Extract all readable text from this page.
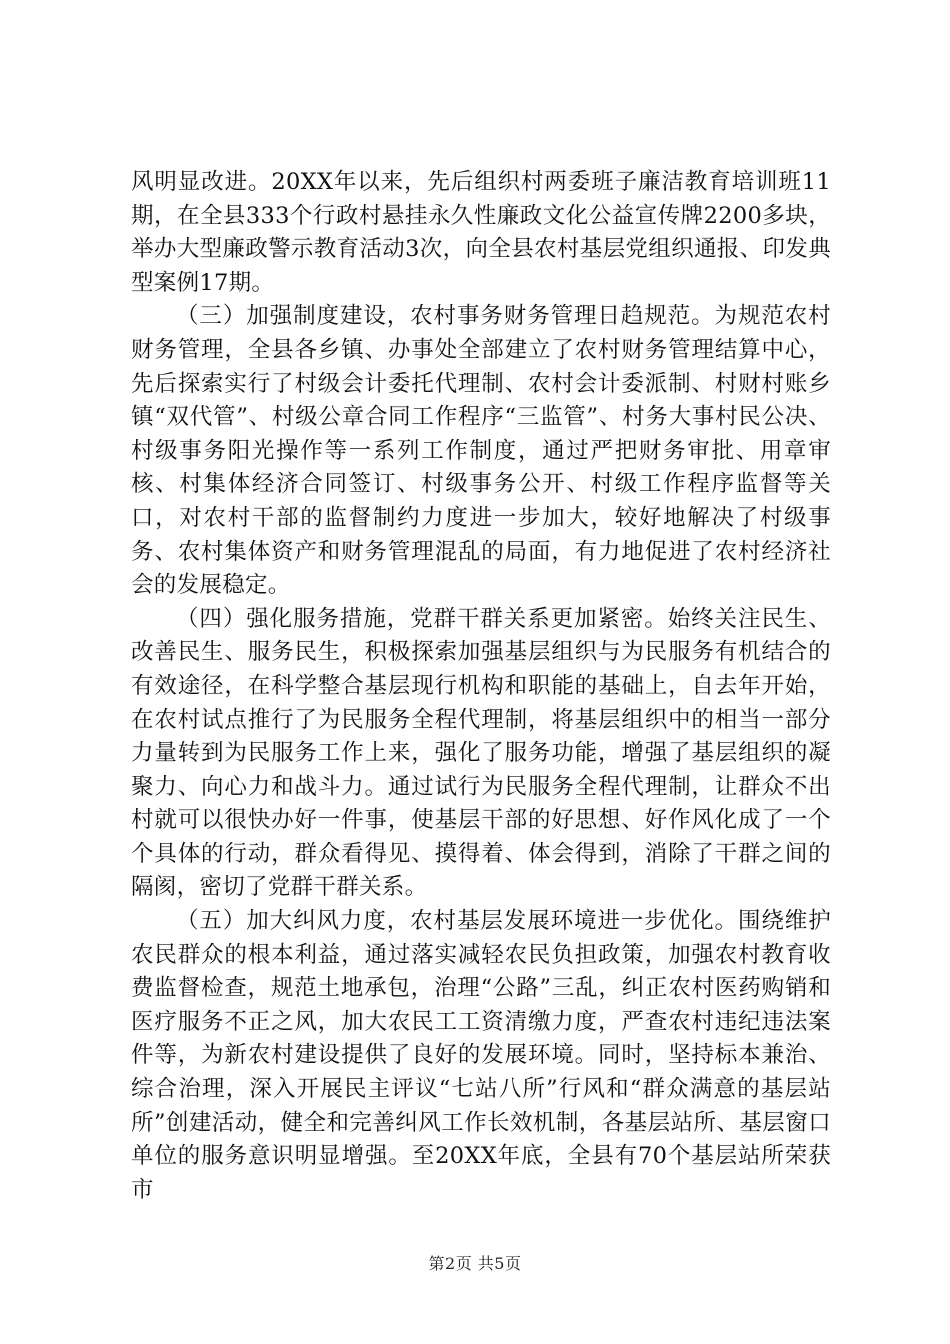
风明显改进。20XX年以来，先后组织村两委班子廉洁教育培训班11期，在全县333个行政村悬挂永久性廉政文化公益宣传牌2200多块，举办大型廉政警示教育活动3次，向全县农村基层党组织通报、印发典型案例17期。

（三）加强制度建设，农村事务财务管理日趋规范。为规范农村财务管理，全县各乡镇、办事处全部建立了农村财务管理结算中心，先后探索实行了村级会计委托代理制、农村会计委派制、村财村账乡镇“双代管”、村级公章合同工作程序“三监管”、村务大事村民公决、村级事务阳光操作等一系列工作制度，通过严把财务审批、用章审核、村集体经济合同签订、村级事务公开、村级工作程序监督等关口，对农村干部的监督制约力度进一步加大，较好地解决了村级事务、农村集体资产和财务管理混乱的局面，有力地促进了农村经济社会的发展稳定。

（四）强化服务措施，党群干群关系更加紧密。始终关注民生、改善民生、服务民生，积极探索加强基层组织与为民服务有机结合的有效途径，在科学整合基层现行机构和职能的基础上，自去年开始，在农村试点推行了为民服务全程代理制，将基层组织中的相当一部分力量转到为民服务工作上来，强化了服务功能，增强了基层组织的凝聚力、向心力和战斗力。通过试行为民服务全程代理制，让群众不出村就可以很快办好一件事，使基层干部的好思想、好作风化成了一个个具体的行动，群众看得见、摸得着、体会得到，消除了干群之间的隔阂，密切了党群干群关系。

（五）加大纠风力度，农村基层发展环境进一步优化。围绕维护农民群众的根本利益，通过落实减轻农民负担政策，加强农村教育收费监督检查，规范土地承包，治理“公路”三乱，纠正农村医药购销和医疗服务不正之风，加大农民工工资清缴力度，严查农村违纪违法案件等，为新农村建设提供了良好的发展环境。同时，坚持标本兼治、综合治理，深入开展民主评议“七站八所”行风和“群众满意的基层站所”创建活动，健全和完善纠风工作长效机制，各基层站所、基层窗口单位的服务意识明显增强。至20XX年底，全县有70个基层站所荣获市

第2页 共5页
